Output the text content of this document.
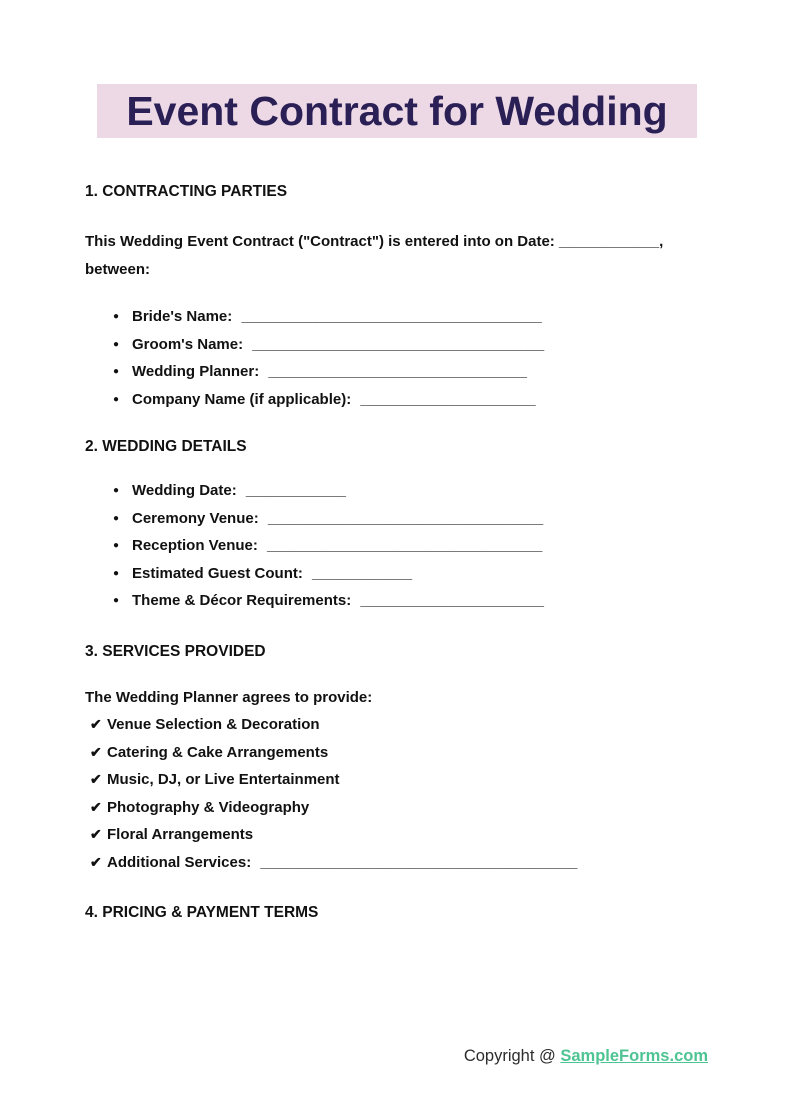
Event Contract for Wedding
1. CONTRACTING PARTIES
This Wedding Event Contract ("Contract") is entered into on Date: ____________,
between:
● Bride's Name: ____________________________________
● Groom's Name: ___________________________________
● Wedding Planner: _______________________________
● Company Name (if applicable): _____________________
2. WEDDING DETAILS
● Wedding Date: ____________
● Ceremony Venue: _________________________________
● Reception Venue: _________________________________
● Estimated Guest Count: ____________
● Theme & Décor Requirements: ______________________
3. SERVICES PROVIDED
The Wedding Planner agrees to provide:
✔ Venue Selection & Decoration
✔ Catering & Cake Arrangements
✔ Music, DJ, or Live Entertainment
✔ Photography & Videography
✔ Floral Arrangements
✔ Additional Services: ______________________________________
4. PRICING & PAYMENT TERMS
Copyright @ SampleForms.com
